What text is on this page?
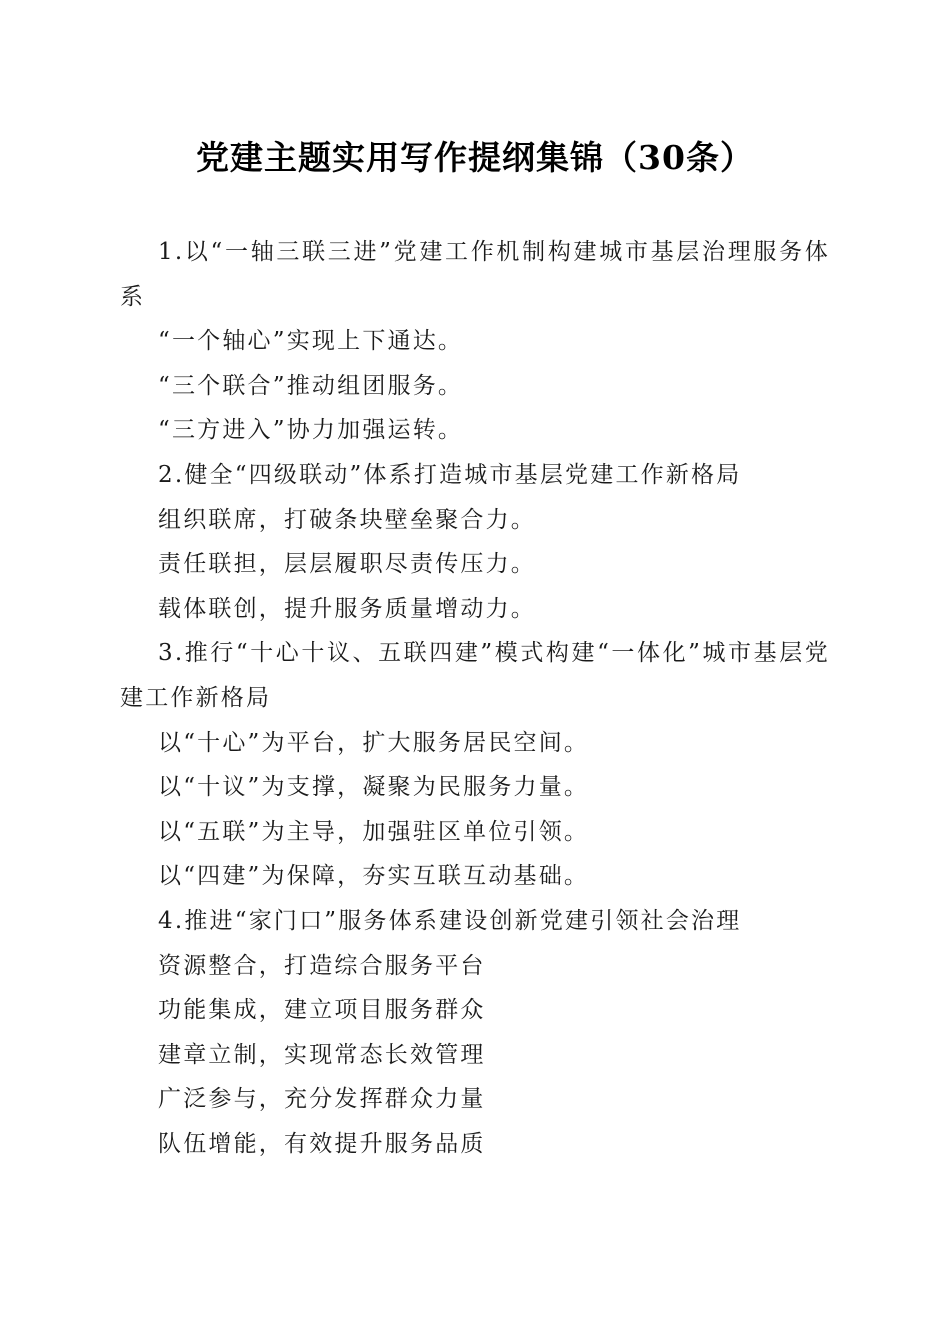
党建主题实用写作提纲集锦（30条）

1.以“一轴三联三进”党建工作机制构建城市基层治理服务体系

“一个轴心”实现上下通达。

“三个联合”推动组团服务。

“三方进入”协力加强运转。

2.健全“四级联动”体系打造城市基层党建工作新格局

组织联席，打破条块壁垒聚合力。

责任联担，层层履职尽责传压力。

载体联创，提升服务质量增动力。

3.推行“十心十议、五联四建”模式构建“一体化”城市基层党建工作新格局

以“十心”为平台，扩大服务居民空间。

以“十议”为支撑，凝聚为民服务力量。

以“五联”为主导，加强驻区单位引领。

以“四建”为保障，夯实互联互动基础。

4.推进“家门口”服务体系建设创新党建引领社会治理

资源整合，打造综合服务平台

功能集成，建立项目服务群众

建章立制，实现常态长效管理

广泛参与，充分发挥群众力量

队伍增能，有效提升服务品质
